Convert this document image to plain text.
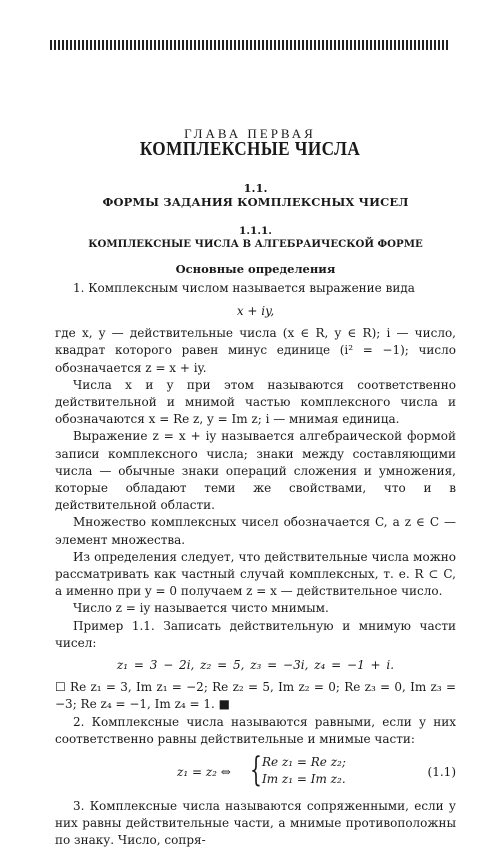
ГЛАВА ПЕРВАЯ
КОМПЛЕКСНЫЕ ЧИСЛА
1.1.
ФОРМЫ ЗАДАНИЯ КОМПЛЕКСНЫХ ЧИСЕЛ
1.1.1.
КОМПЛЕКСНЫЕ ЧИСЛА В АЛГЕБРАИЧЕСКОЙ ФОРМЕ
Основные определения

1. Комплексным числом называется выражение вида

x + iy,

где x, y — действительные числа (x ∈ R, y ∈ R); i — число, квадрат которого равен минус единице (i² = −1); число обозначается z = x + iy.

Числа x и y при этом называются соответственно действительной и мнимой частью комплексного числа и обозначаются x = Re z, y = Im z; i — мнимая единица.

Выражение z = x + iy называется алгебраической формой записи комплексного числа; знаки между составляющими числа — обычные знаки операций сложения и умножения, которые обладают теми же свойствами, что и в действительной области.

Множество комплексных чисел обозначается C, а z ∈ C — элемент множества.

Из определения следует, что действительные числа можно рассматривать как частный случай комплексных, т. е. R ⊂ C, а именно при y = 0 получаем z = x — действительное число.

Число z = iy называется чисто мнимым.

Пример 1.1. Записать действительную и мнимую части чисел:

z₁ = 3 − 2i, z₂ = 5, z₃ = −3i, z₄ = −1 + i.

☐ Re z₁ = 3, Im z₁ = −2; Re z₂ = 5, Im z₂ = 0; Re z₃ = 0, Im z₃ = −3; Re z₄ = −1, Im z₄ = 1. ■

2. Комплексные числа называются равными, если у них соответственно равны действительные и мнимые части:

z₁ = z₂ ⇔ { Re z₁ = Re z₂;
Im z₁ = Im z₂.	(1.1)

3. Комплексные числа называются сопряженными, если у них равны действительные части, а мнимые противоположны по знаку. Число, сопря-
